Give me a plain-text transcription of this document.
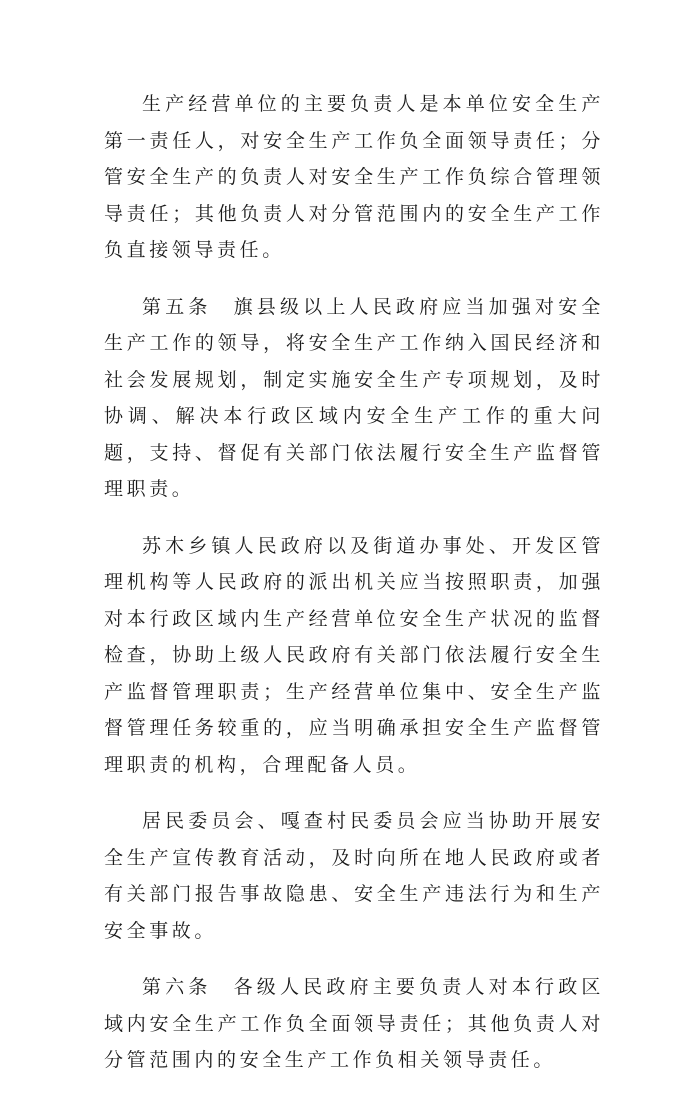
生产经营单位的主要负责人是本单位安全生产第一责任人，对安全生产工作负全面领导责任；分管安全生产的负责人对安全生产工作负综合管理领导责任；其他负责人对分管范围内的安全生产工作负直接领导责任。

第五条 旗县级以上人民政府应当加强对安全生产工作的领导，将安全生产工作纳入国民经济和社会发展规划，制定实施安全生产专项规划，及时协调、解决本行政区域内安全生产工作的重大问题，支持、督促有关部门依法履行安全生产监督管理职责。

苏木乡镇人民政府以及街道办事处、开发区管理机构等人民政府的派出机关应当按照职责，加强对本行政区域内生产经营单位安全生产状况的监督检查，协助上级人民政府有关部门依法履行安全生产监督管理职责；生产经营单位集中、安全生产监督管理任务较重的，应当明确承担安全生产监督管理职责的机构，合理配备人员。

居民委员会、嘎查村民委员会应当协助开展安全生产宣传教育活动，及时向所在地人民政府或者有关部门报告事故隐患、安全生产违法行为和生产安全事故。

第六条 各级人民政府主要负责人对本行政区域内安全生产工作负全面领导责任；其他负责人对分管范围内的安全生产工作负相关领导责任。
